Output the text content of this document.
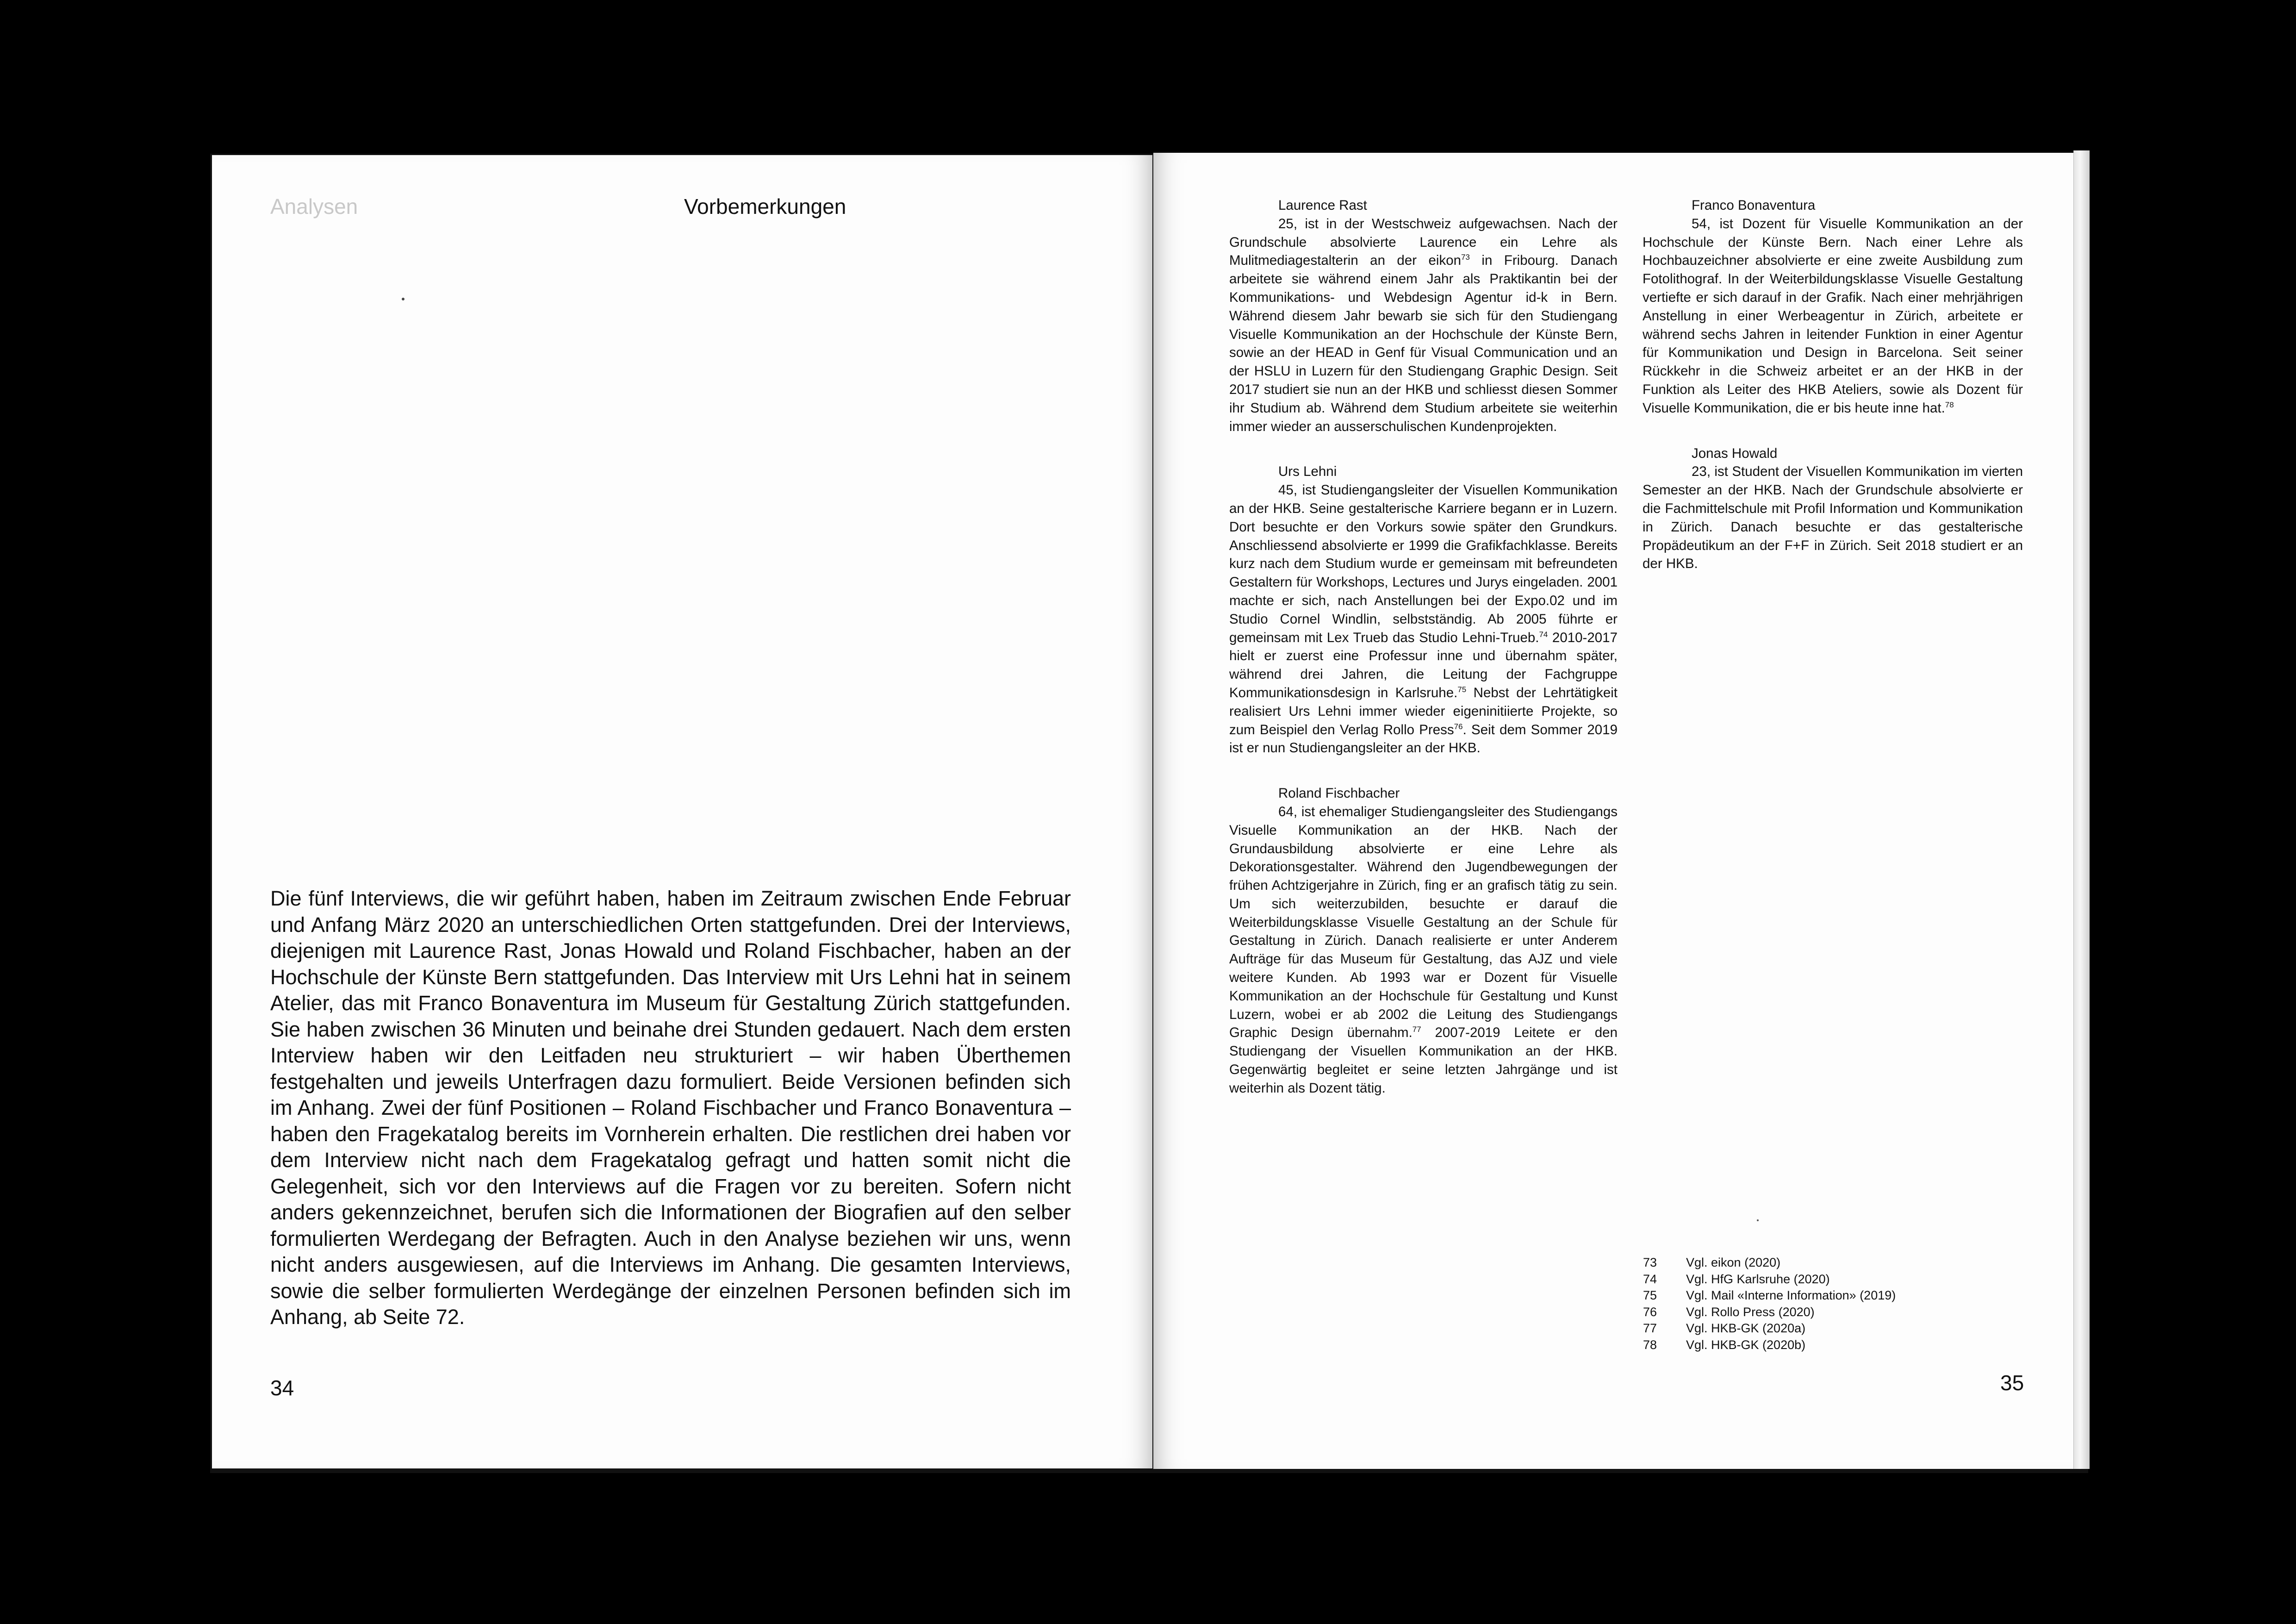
Analysen	Vorbemerkungen

Die fünf Interviews, die wir geführt haben, haben im Zeitraum zwischen Ende Februar und Anfang März 2020 an unterschiedlichen Orten stattgefunden. Drei der Interviews, diejenigen mit Laurence Rast, Jonas Howald und Roland Fischbacher, haben an der Hochschule der Künste Bern stattgefunden. Das Interview mit Urs Lehni hat in seinem Atelier, das mit Franco Bonaventura im Museum für Gestaltung Zürich stattgefunden. Sie haben zwischen 36 Minuten und beinahe drei Stunden gedauert. Nach dem ersten Interview haben wir den Leitfaden neu strukturiert – wir haben Überthemen festgehalten und jeweils Unterfragen dazu formuliert. Beide Versionen befinden sich im Anhang. Zwei der fünf Positionen – Roland Fischbacher und Franco Bonaventura – haben den Fragekatalog bereits im Vornherein erhalten. Die restlichen drei haben vor dem Interview nicht nach dem Fragekatalog gefragt und hatten somit nicht die Gelegenheit, sich vor den Interviews auf die Fragen vor zu bereiten. Sofern nicht anders gekennzeichnet, berufen sich die Informationen der Biografien auf den selber formulierten Werdegang der Befragten. Auch in den Analyse beziehen wir uns, wenn nicht anders ausgewiesen, auf die Interviews im Anhang. Die gesamten Interviews, sowie die selber formulierten Werdegänge der einzelnen Personen befinden sich im Anhang, ab Seite 72.

34

Laurence Rast

25, ist in der Westschweiz aufgewachsen. Nach der Grundschule absolvierte Laurence ein Lehre als Mulitmediagestalterin an der eikon$^{73}$ in Fribourg. Danach arbeitete sie während einem Jahr als Praktikantin bei der Kommunikations- und Webdesign Agentur id-k in Bern. Während diesem Jahr bewarb sie sich für den Studiengang Visuelle Kommunikation an der Hochschule der Künste Bern, sowie an der HEAD in Genf für Visual Communication und an der HSLU in Luzern für den Studiengang Graphic Design. Seit 2017 studiert sie nun an der HKB und schliesst diesen Sommer ihr Studium ab. Während dem Studium arbeitete sie weiterhin immer wieder an ausserschulischen Kundenprojekten.

Urs Lehni

45, ist Studiengangsleiter der Visuellen Kommunikation an der HKB. Seine gestalterische Karriere begann er in Luzern. Dort besuchte er den Vorkurs sowie später den Grundkurs. Anschliessend absolvierte er 1999 die Grafikfachklasse. Bereits kurz nach dem Studium wurde er gemeinsam mit befreundeten Gestaltern für Workshops, Lectures und Jurys eingeladen. 2001 machte er sich, nach Anstellungen bei der Expo.02 und im Studio Cornel Windlin, selbstständig. Ab 2005 führte er gemeinsam mit Lex Trueb das Studio Lehni-Trueb.$^{74}$ 2010-2017 hielt er zuerst eine Professur inne und übernahm später, während drei Jahren, die Leitung der Fachgruppe Kommunikationsdesign in Karlsruhe.$^{75}$ Nebst der Lehrtätigkeit realisiert Urs Lehni immer wieder eigeninitiierte Projekte, so zum Beispiel den Verlag Rollo Press$^{76}$. Seit dem Sommer 2019 ist er nun Studiengangsleiter an der HKB.

Roland Fischbacher

64, ist ehemaliger Studiengangsleiter des Studiengangs Visuelle Kommunikation an der HKB. Nach der Grundausbildung absolvierte er eine Lehre als Dekorationsgestalter. Während den Jugendbewegungen der frühen Achtzigerjahre in Zürich, fing er an grafisch tätig zu sein. Um sich weiterzubilden, besuchte er darauf die Weiterbildungsklasse Visuelle Gestaltung an der Schule für Gestaltung in Zürich. Danach realisierte er unter Anderem Aufträge für das Museum für Gestaltung, das AJZ und viele weitere Kunden. Ab 1993 war er Dozent für Visuelle Kommunikation an der Hochschule für Gestaltung und Kunst Luzern, wobei er ab 2002 die Leitung des Studiengangs Graphic Design übernahm.$^{77}$ 2007-2019 Leitete er den Studiengang der Visuellen Kommunikation an der HKB. Gegenwärtig begleitet er seine letzten Jahrgänge und ist weiterhin als Dozent tätig.

Franco Bonaventura

54, ist Dozent für Visuelle Kommunikation an der Hochschule der Künste Bern. Nach einer Lehre als Hochbauzeichner absolvierte er eine zweite Ausbildung zum Fotolithograf. In der Weiterbildungsklasse Visuelle Gestaltung vertiefte er sich darauf in der Grafik. Nach einer mehrjährigen Anstellung in einer Werbeagentur in Zürich, arbeitete er während sechs Jahren in leitender Funktion in einer Agentur für Kommunikation und Design in Barcelona. Seit seiner Rückkehr in die Schweiz arbeitet er an der HKB in der Funktion als Leiter des HKB Ateliers, sowie als Dozent für Visuelle Kommunikation, die er bis heute inne hat.$^{78}$

Jonas Howald

23, ist Student der Visuellen Kommunikation im vierten Semester an der HKB. Nach der Grundschule absolvierte er die Fachmittelschule mit Profil Information und Kommunikation in Zürich. Danach besuchte er das gestalterische Propädeutikum an der F+F in Zürich. Seit 2018 studiert er an der HKB.

73	Vgl. eikon (2020)
74	Vgl. HfG Karlsruhe (2020)
75	Vgl. Mail «Interne Information» (2019)
76	Vgl. Rollo Press (2020)
77	Vgl. HKB-GK (2020a)
78	Vgl. HKB-GK (2020b)

35
